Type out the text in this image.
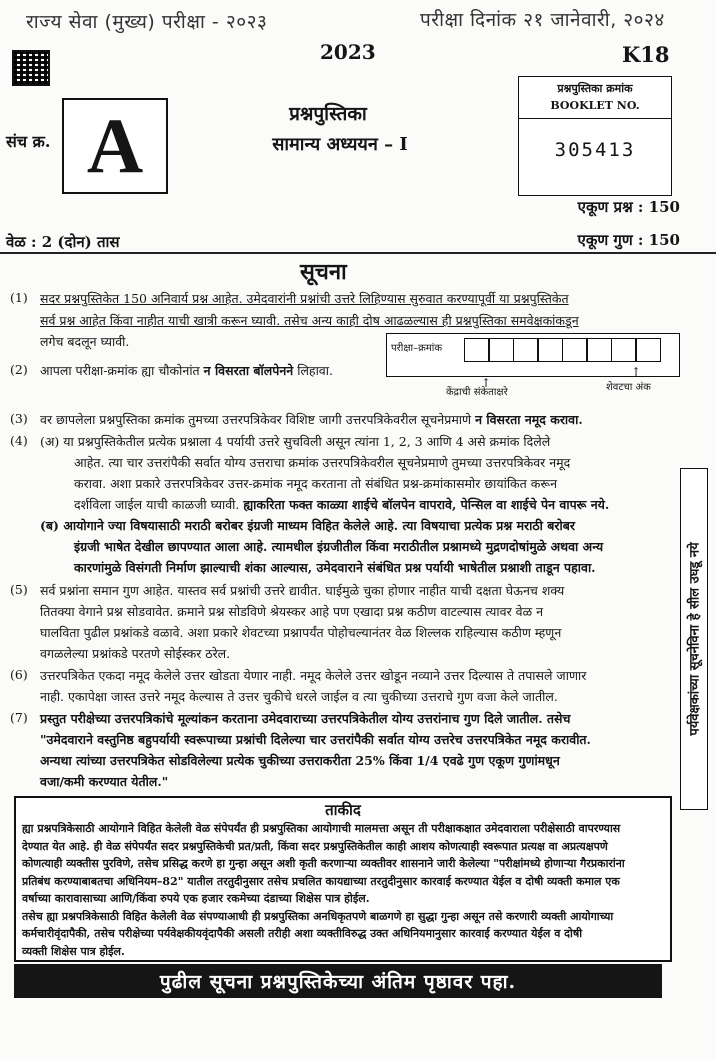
राज्य सेवा (मुख्य) परीक्षा - २०२३	परीक्षा दिनांक २१ जानेवारी, २०२४
2023	K18
संच क्र. A	प्रश्नपुस्तिका
सामान्य अध्ययन – I
प्रश्नपुस्तिका क्रमांक
BOOKLET NO.
305413
एकूण प्रश्न : 150
एकूण गुण : 150
वेळ : 2 (दोन) तास
सूचना
(1) सदर प्रश्नपुस्तिकेत 150 अनिवार्य प्रश्न आहेत. उमेदवारांनी प्रश्नांची उत्तरे लिहिण्यास सुरुवात करण्यापूर्वी या प्रश्नपुस्तिकेत
सर्व प्रश्न आहेत किंवा नाहीत याची खात्री करून घ्यावी. तसेच अन्य काही दोष आढळल्यास ही प्रश्नपुस्तिका समवेक्षकांकडून
लगेच बदलून घ्यावी.
(2) आपला परीक्षा-क्रमांक ह्या चौकोनांत न विसरता बॉलपेनने लिहावा.
परीक्षा–क्रमांक
केंद्राची संकेताक्षरे	शेवटचा अंक
↑
↑
(3) वर छापलेला प्रश्नपुस्तिका क्रमांक तुमच्या उत्तरपत्रिकेवर विशिष्ट जागी उत्तरपत्रिकेवरील सूचनेप्रमाणे न विसरता नमूद करावा.
(4) (अ) या प्रश्नपुस्तिकेतील प्रत्येक प्रश्नाला 4 पर्यायी उत्तरे सुचविली असून त्यांना 1, 2, 3 आणि 4 असे क्रमांक दिलेले
आहेत. त्या चार उत्तरांपैकी सर्वात योग्य उत्तराचा क्रमांक उत्तरपत्रिकेवरील सूचनेप्रमाणे तुमच्या उत्तरपत्रिकेवर नमूद
करावा. अशा प्रकारे उत्तरपत्रिकेवर उत्तर-क्रमांक नमूद करताना तो संबंधित प्रश्न-क्रमांकासमोर छायांकित करून
दर्शविला जाईल याची काळजी घ्यावी. ह्याकरिता फक्त काळ्या शाईचे बॉलपेन वापरावे, पेन्सिल वा शाईचे पेन वापरू नये.
(ब) आयोगाने ज्या विषयासाठी मराठी बरोबर इंग्रजी माध्यम विहित केलेले आहे. त्या विषयाचा प्रत्येक प्रश्न मराठी बरोबर
इंग्रजी भाषेत देखील छापण्यात आला आहे. त्यामधील इंग्रजीतील किंवा मराठीतील प्रश्नामध्ये मुद्रणदोषांमुळे अथवा अन्य
कारणांमुळे विसंगती निर्माण झाल्याची शंका आल्यास, उमेदवाराने संबंधित प्रश्न पर्यायी भाषेतील प्रश्नाशी ताडून पहावा.
(5) सर्व प्रश्नांना समान गुण आहेत. यास्तव सर्व प्रश्नांची उत्तरे द्यावीत. घाईमुळे चुका होणार नाहीत याची दक्षता घेऊनच शक्य
तितक्या वेगाने प्रश्न सोडवावेत. क्रमाने प्रश्न सोडविणे श्रेयस्कर आहे पण एखादा प्रश्न कठीण वाटल्यास त्यावर वेळ न
घालविता पुढील प्रश्नांकडे वळावे. अशा प्रकारे शेवटच्या प्रश्नापर्यंत पोहोचल्यानंतर वेळ शिल्लक राहिल्यास कठीण म्हणून
वगळलेल्या प्रश्नांकडे परतणे सोईस्कर ठरेल.
(6) उत्तरपत्रिकेत एकदा नमूद केलेले उत्तर खोडता येणार नाही. नमूद केलेले उत्तर खोडून नव्याने उत्तर दिल्यास ते तपासले जाणार
नाही. एकापेक्षा जास्त उत्तरे नमूद केल्यास ते उत्तर चुकीचे धरले जाईल व त्या चुकीच्या उत्तराचे गुण वजा केले जातील.
(7) प्रस्तुत परीक्षेच्या उत्तरपत्रिकांचे मूल्यांकन करताना उमेदवाराच्या उत्तरपत्रिकेतील योग्य उत्तरांनाच गुण दिले जातील. तसेच
"उमेदवाराने वस्तुनिष्ठ बहुपर्यायी स्वरूपाच्या प्रश्नांची दिलेल्या चार उत्तरांपैकी सर्वात योग्य उत्तरेच उत्तरपत्रिकेत नमूद करावीत.
अन्यथा त्यांच्या उत्तरपत्रिकेत सोडविलेल्या प्रत्येक चुकीच्या उत्तराकरीता 25% किंवा 1/4 एवढे गुण एकूण गुणांमधून
वजा/कमी करण्यात येतील."
पर्यवेक्षकांच्या सूचनेविना हे सील उघडू नये
ताकीद
ह्या प्रश्नपत्रिकेसाठी आयोगाने विहित केलेली वेळ संपेपर्यंत ही प्रश्नपुस्तिका आयोगाची मालमत्ता असून ती परीक्षाकक्षात उमेदवाराला परीक्षेसाठी वापरण्यास
देण्यात येत आहे. ही वेळ संपेपर्यंत सदर प्रश्नपुस्तिकेची प्रत/प्रती, किंवा सदर प्रश्नपुस्तिकेतील काही आशय कोणत्याही स्वरूपात प्रत्यक्ष वा अप्रत्यक्षपणे
कोणत्याही व्यक्तीस पुरविणे, तसेच प्रसिद्ध करणे हा गुन्हा असून अशी कृती करणाऱ्या व्यक्तीवर शासनाने जारी केलेल्या "परीक्षांमध्ये होणाऱ्या गैरप्रकारांना
प्रतिबंध करण्याबाबतचा अधिनियम–82" यातील तरतुदीनुसार तसेच प्रचलित कायद्याच्या तरतुदीनुसार कारवाई करण्यात येईल व दोषी व्यक्ती कमाल एक
वर्षाच्या कारावासाच्या आणि/किंवा रुपये एक हजार रकमेच्या दंडाच्या शिक्षेस पात्र होईल.
तसेच ह्या प्रश्नपत्रिकेसाठी विहित केलेली वेळ संपण्याआधी ही प्रश्नपुस्तिका अनधिकृतपणे बाळगणे हा सुद्धा गुन्हा असून तसे करणारी व्यक्ती आयोगाच्या
कर्मचारीवृंदापैकी, तसेच परीक्षेच्या पर्यवेक्षकीयवृंदापैकी असली तरीही अशा व्यक्तीविरुद्ध उक्त अधिनियमानुसार कारवाई करण्यात येईल व दोषी
व्यक्ती शिक्षेस पात्र होईल.
पुढील सूचना प्रश्नपुस्तिकेच्या अंतिम पृष्ठावर पहा.
